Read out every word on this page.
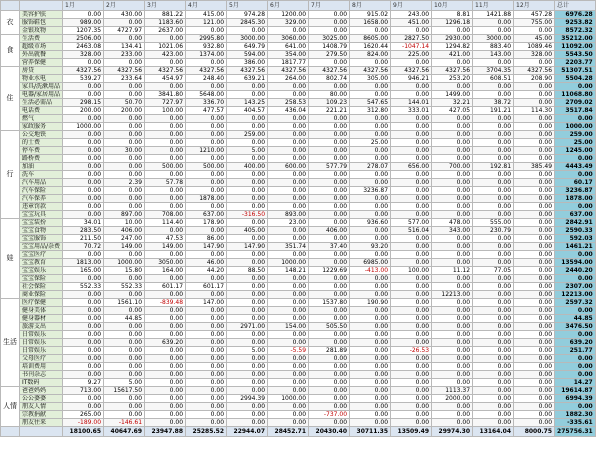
		1月	2月	3月	4月	5月	6月	7月	8月	9月	10月	11月	12月	总计
衣	美容护肤	0.00	430.00	881.22	415.00	974.28	1200.00	0.00	915.02	243.00	8.81	1421.88	457.28	6976.28
	服饰鞋包	989.00	0.00	1183.60	121.00	2845.30	329.00	0.00	1658.00	451.00	1296.18	0.00	755.00	9253.82
	金银玫物	1207.35	4727.97	2637.00	0.00	0.00	0.00	0.00	0.00	0.00	0.00	0.00	0.00	8572.32
食	生活费	2506.00	0.00	0.00	2995.80	3000.00	3060.00	3025.00	8605.00	2827.50	2930.00	3000.00	45.00	35212.00
	超级市场	2463.08	134.41	1021.06	932.80	649.79	641.00	1408.79	1620.44	-1047.14	1294.82	883.40	1089.46	11092.00
	外出就餐	328.00	233.00	423.00	1374.00	594.00	354.00	279.50	824.00	225.00	421.00	143.00	328.00	5543.50
	营养保健	0.00	0.00	0.00	0.00	386.00	1817.77	0.00	0.00	0.00	0.00	0.00	0.00	2203.77
住	房贷	4327.56	4327.56	4327.56	4327.56	4327.56	4327.56	4327.56	4327.56	4327.56	4327.56	3704.35	4327.56	51307.51
	物业水电	539.27	233.64	454.97	248.40	639.21	264.00	802.74	305.00	946.21	253.20	608.51	208.90	5504.28
	家具/洗漱用品	0.00	0.00	0.00	0.00	0.00	0.00	0.00	0.00	0.00	0.00	0.00	0.00	0.00
	电器/家居用品	0.00	0.00	3841.80	5648.00	0.00	0.00	80.00	0.00	0.00	1499.00	0.00	0.00	11068.80
	生活必需品	298.15	50.70	727.97	336.70	143.25	258.53	109.23	547.65	144.01	32.21	38.72	0.00	2709.02
	电话费	200.00	200.00	100.00	477.57	404.57	436.04	221.21	312.80	333.01	427.05	191.21	114.30	3517.84
	燃气	0.00	0.00	0.00	0.00	0.00	0.00	0.00	0.00	0.00	0.00	0.00	0.00	0.00
	家政服务	1000.00	0.00	0.00	0.00	0.00	0.00	0.00	0.00	0.00	0.00	0.00	0.00	1000.00
行	公交地铁	0.00	0.00	0.00	0.00	259.00	0.00	0.00	0.00	0.00	0.00	0.00	0.00	259.00
	的士费	0.00	0.00	0.00	0.00	0.00	0.00	0.00	25.00	0.00	0.00	0.00	0.00	25.00
	停车费	0.00	30.00	0.00	1210.00	5.00	0.00	0.00	0.00	0.00	0.00	0.00	0.00	1245.00
	路桥费	0.00	0.00	0.00	0.00	0.00	0.00	0.00	0.00	0.00	0.00	0.00	0.00	0.00
	加油	0.00	0.00	500.00	500.00	400.00	600.00	577.79	278.07	656.00	700.00	192.81	385.49	4443.49
	洗车	0.00	0.00	0.00	0.00	0.00	0.00	0.00	0.00	0.00	0.00	0.00	0.00	0.00
	汽车用品	0.00	2.39	57.78	0.00	0.00	0.00	0.00	0.00	0.00	0.00	0.00	0.00	60.17
	汽车保险	0.00	0.00	0.00	0.00	0.00	0.00	0.00	3236.87	0.00	0.00	0.00	0.00	3236.87
	汽车保养	0.00	0.00	0.00	1878.00	0.00	0.00	0.00	0.00	0.00	0.00	0.00	0.00	1878.00
	违章罚款	0.00	0.00	0.00	0.00	0.00	0.00	0.00	0.00	0.00	0.00	0.00	0.00	0.00
	宝宝玩具	0.00	897.00	708.00	637.00	-316.50	893.00	0.00	0.00	0.00	0.00	0.00	0.00	637.00
娃	宝宝装扮	34.01	10.00	114.40	178.90	0.00	23.00	0.00	936.60	577.00	478.00	555.00	0.00	2842.91
	宝宝食物	283.50	406.00	0.00	0.00	405.00	0.00	406.00	0.00	516.04	343.00	230.79	0.00	2590.33
	宝宝服饰	211.50	247.00	47.53	86.00	0.00	0.00	0.00	0.00	0.00	0.00	0.00	0.00	592.03
	宝宝用品/杂费	70.72	149.00	149.00	147.90	147.90	351.74	37.40	93.20	0.00	0.00	0.00	0.00	1461.21
	宝宝医疗	0.00	0.00	0.00	0.00	0.00	0.00	0.00	0.00	0.00	0.00	0.00	0.00	0.00
	宝宝教育	1813.00	1000.00	3050.00	46.00	0.00	1000.00	0.00	6985.00	0.00	0.00	0.00	0.00	13594.00
	宝宝娱乐	165.00	15.80	164.00	44.20	88.50	148.21	1229.69	-413.00	100.00	11.12	77.05	0.00	2440.20
	宝宝保险	0.00	0.00	0.00	0.00	0.00	0.00	0.00	0.00	0.00	0.00	0.00	0.00	0.00
	社会保险	552.33	552.33	601.17	601.17	0.00	0.00	0.00	0.00	0.00	0.00	0.00	0.00	2307.00
	商业保险	0.00	0.00	0.00	0.00	0.00	0.00	0.00	0.00	0.00	12213.00	0.00	0.00	12213.00
生活	医疗保健	0.00	1561.10	-839.48	147.00	0.00	0.00	1537.80	190.90	0.00	0.00	0.00	0.00	2597.32
	健身美体	0.00	0.00	0.00	0.00	0.00	0.00	0.00	0.00	0.00	0.00	0.00	0.00	0.00
	健身器材	0.00	44.85	0.00	0.00	0.00	0.00	0.00	0.00	0.00	0.00	0.00	0.00	44.85
	旅游支出	0.00	0.00	0.00	0.00	2971.00	154.00	505.50	0.00	0.00	0.00	0.00	0.00	3476.50
	日常娱乐	0.00	0.00	0.00	0.00	0.00	0.00	0.00	0.00	0.00	0.00	0.00	0.00	0.00
	日常娱乐	0.00	0.00	639.20	0.00	0.00	0.00	0.00	0.00	0.00	0.00	0.00	0.00	639.20
	日常娱乐	0.00	0.00	0.00	0.00	5.00	-5.59	281.89	0.00	-26.53	0.00	0.00	0.00	251.77
	父母医疗	0.00	0.00	0.00	0.00	0.00	0.00	0.00	0.00	0.00	0.00	0.00	0.00	0.00
	培训费用	0.00	0.00	0.00	0.00	0.00	0.00	0.00	0.00	0.00	0.00	0.00	0.00	0.00
	书刊杂志	0.00	0.00	0.00	0.00	0.00	0.00	0.00	0.00	0.00	0.00	0.00	0.00	0.00
	IT数码	9.27	5.00	0.00	0.00	0.00	0.00	0.00	0.00	0.00	0.00	0.00	0.00	14.27
人情	爸爸妈妈	713.00	15617.50	0.00	0.00	0.00	0.00	0.00	0.00	0.00	1113.37	0.00	0.00	19614.87
	公公婆婆	0.00	0.00	0.00	0.00	2994.39	1000.00	0.00	0.00	0.00	2000.00	0.00	0.00	6994.39
	朋友人情	0.00	0.00	0.00	0.00	0.00	0.00	0.00	0.00	0.00	0.00	0.00	0.00	0.00
	宗教捐献	265.00	0.00	0.00	0.00	0.00	0.00	-737.00	0.00	0.00	0.00	0.00	0.00	1882.30
	朋友往来	-189.00	-146.61	0.00	0.00	0.00	0.00	0.00	0.00	0.00	0.00	0.00	0.00	-335.61
		18100.65	40647.69	23947.88	25285.52	22944.07	28452.71	20430.40	30711.35	13509.49	29974.30	13164.04	8000.75	275756.31
